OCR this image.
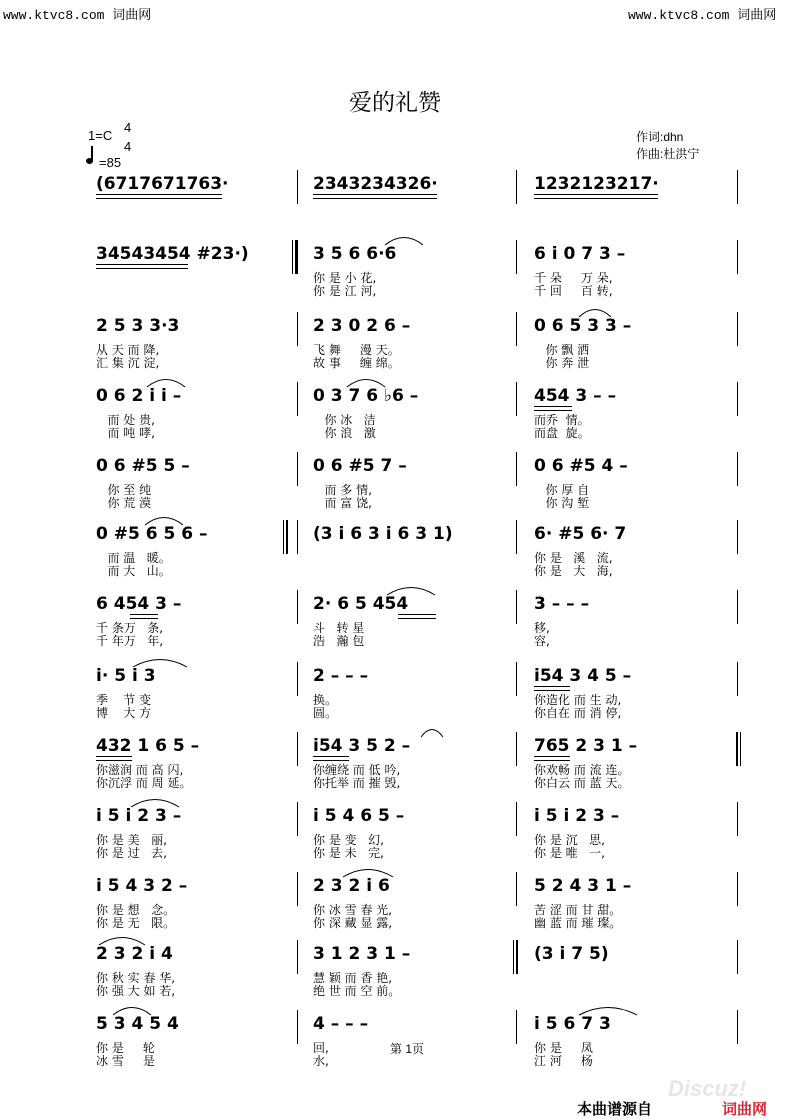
www.ktvc8.com 词曲网	www.ktvc8.com 词曲网
爱的礼赞
1=C
4
4
=85
作词:dhn
作曲:杜洪宁
(6717671763·	2343234326·	1232123217·
34543454 #23·)	3 5 6 6·6
你 是 小 花,
你 是 江 河,
6 i 0 7 3 –
千 朵     万 朵,
千 回     百 转,
2 5 3 3·3
从 天 而 降,
汇 集 沉 淀,
2 3 0 2 6 –
飞 舞     漫 天。
故 事     缠 绵。
0 6 5 3 3 –
你 飘 洒
你 奔 泄
0 6 2 i i –
而 处 贵,
而 吨 哮,
0 3 7 6 ♭6 –
你 冰   洁
你 浪   激
454 3 – –
而乔  情。
而盘  旋。
0 6 #5 5 –
你 至 纯
你 荒 漠
0 6 #5 7 –
而 多 情,
而 富 饶,
0 6 #5 4 –
你 厚 自
你 沟 堑
0 #5 6 5 6 –
而 温   暖。
而 大   山。
(3 i 6 3 i 6 3 1)	6· #5 6· 7
你 是   溪   流,
你 是   大   海,
6 454 3 –
千 条万   条,
千 年万   年,
2· 6 5 454
斗   转 星
浩   瀚 包
3 – – –
移,
容,
i· 5 i 3
季    节 变
博    大 方
2 – – –
换。
圆。
i54 3 4 5 –
你造化 而 生 动,
你自在 而 消 停,
432 1 6 5 –
你滋润 而 高 闪,
你沉浮 而 周 延。
i54 3 5 2 –
你缠绕 而 低 吟,
你托举 而 摧 毁,
765 2 3 1 –
你欢畅 而 流 连。
你白云 而 蓝 天。
i 5 i 2 3 –
你 是 美   丽,
你 是 过   去,
i 5 4 6 5 –
你 是 变   幻,
你 是 未   完,
i 5 i 2 3 –
你 是 沉   思,
你 是 唯   一,
i 5 4 3 2 –
你 是 想   念。
你 是 无   限。
2 3 2 i 6
你 冰 雪 春 光,
你 深 藏 显 露,
5 2 4 3 1 –
苦 涩 而 甘 甜。
幽 蓝 而 璀 璨。
2 3 2 i 4
你 秋 实 春 华,
你 强 大 如 若,
3 1 2 3 1 –
慧 颖 而 香 艳,
绝 世 而 空 前。
(3 i 7 5)
5 3 4 5 4
你 是     轮
冰 雪     是
4 – – –
回,
水,
i 5 6 7 3
你 是     凤
江 河     杨
第 1页
Discuz!
本曲谱源自	词曲网
